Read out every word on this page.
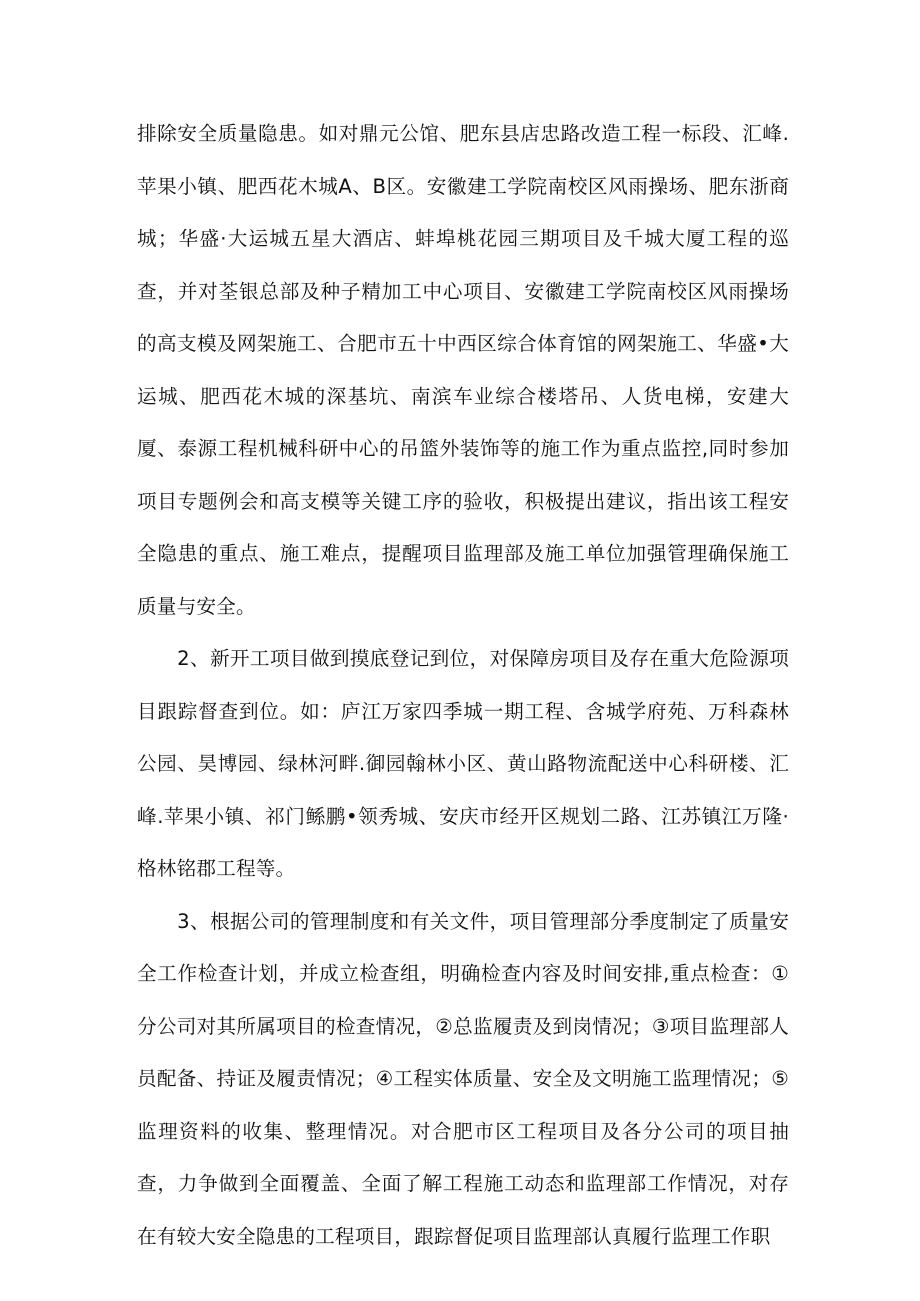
排除安全质量隐患。如对鼎元公馆、肥东县店忠路改造工程一标段、汇峰.苹果小镇、肥西花木城A、B区。安徽建工学院南校区风雨操场、肥东浙商城；华盛·大运城五星大酒店、蚌埠桃花园三期项目及千城大厦工程的巡查，并对荃银总部及种子精加工中心项目、安徽建工学院南校区风雨操场的高支模及网架施工、合肥市五十中西区综合体育馆的网架施工、华盛•大运城、肥西花木城的深基坑、南滨车业综合楼塔吊、人货电梯，安建大厦、泰源工程机械科研中心的吊篮外装饰等的施工作为重点监控,同时参加项目专题例会和高支模等关键工序的验收，积极提出建议，指出该工程安全隐患的重点、施工难点，提醒项目监理部及施工单位加强管理确保施工质量与安全。

2、新开工项目做到摸底登记到位，对保障房项目及存在重大危险源项目跟踪督查到位。如：庐江万家四季城一期工程、含城学府苑、万科森林公园、昊博园、绿林河畔.御园翰林小区、黄山路物流配送中心科研楼、汇峰.苹果小镇、祁门鲧鹏•领秀城、安庆市经开区规划二路、江苏镇江万隆·格林铭郡工程等。

3、根据公司的管理制度和有关文件，项目管理部分季度制定了质量安全工作检查计划，并成立检查组，明确检查内容及时间安排,重点检查：①分公司对其所属项目的检查情况，②总监履责及到岗情况；③项目监理部人员配备、持证及履责情况；④工程实体质量、安全及文明施工监理情况；⑤监理资料的收集、整理情况。对合肥市区工程项目及各分公司的项目抽查，力争做到全面覆盖、全面了解工程施工动态和监理部工作情况，对存在有较大安全隐患的工程项目，跟踪督促项目监理部认真履行监理工作职
